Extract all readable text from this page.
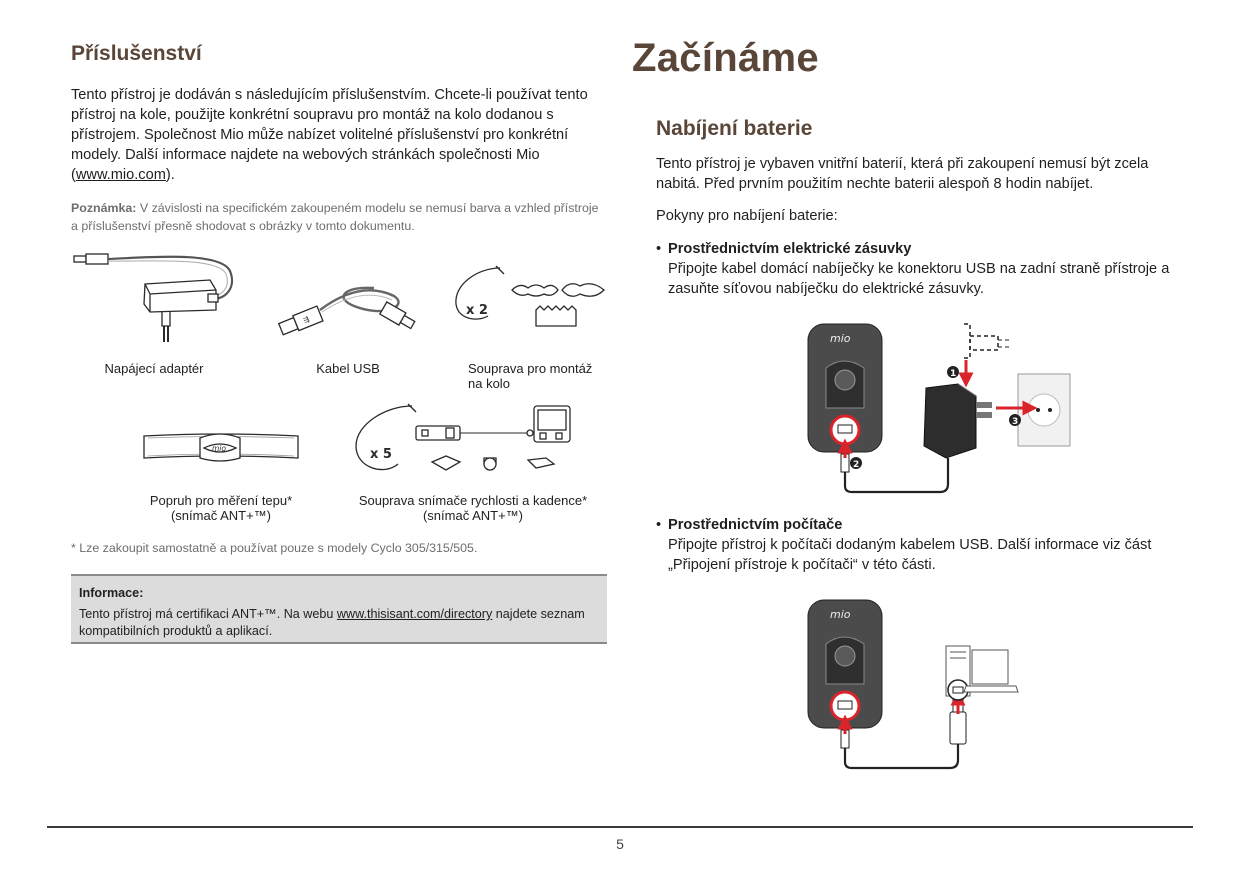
Příslušenství
Tento přístroj je dodáván s následujícím příslušenstvím. Chcete-li používat tento přístroj na kole, použijte konkrétní soupravu pro montáž na kolo dodanou s přístrojem. Společnost Mio může nabízet volitelné příslušenství pro konkrétní modely. Další informace najdete na webových stránkách společnosti Mio (www.mio.com).
Poznámka: V závislosti na specifickém zakoupeném modelu se nemusí barva a vzhled přístroje a příslušenství přesně shodovat s obrázky v tomto dokumentu.
Napájecí adaptér
⇶
Kabel USB
x 2
Souprava pro montáž
na kolo
mio
Popruh pro měření tepu*
(snímač ANT+™)
x 5
Souprava snímače rychlosti a kadence*
(snímač ANT+™)
* Lze zakoupit samostatně a používat pouze s modely Cyclo 305/315/505.
Informace:
Tento přístroj má certifikaci ANT+™. Na webu www.thisisant.com/directory najdete seznam kompatibilních produktů a aplikací.
Začínáme
Nabíjení baterie
Tento přístroj je vybaven vnitřní baterií, která při zakoupení nemusí být zcela nabitá. Před prvním použitím nechte baterii alespoň 8 hodin nabíjet.
Pokyny pro nabíjení baterie:
• Prostřednictvím elektrické zásuvky
Připojte kabel domácí nabíječky ke konektoru USB na zadní straně přístroje a zasuňte síťovou nabíječku do elektrické zásuvky.
• Prostřednictvím počítače
Připojte přístroj k počítači dodaným kabelem USB. Další informace viz část „Připojení přístroje k počítači“ v této části.
mio
2
1
3
mio
5
